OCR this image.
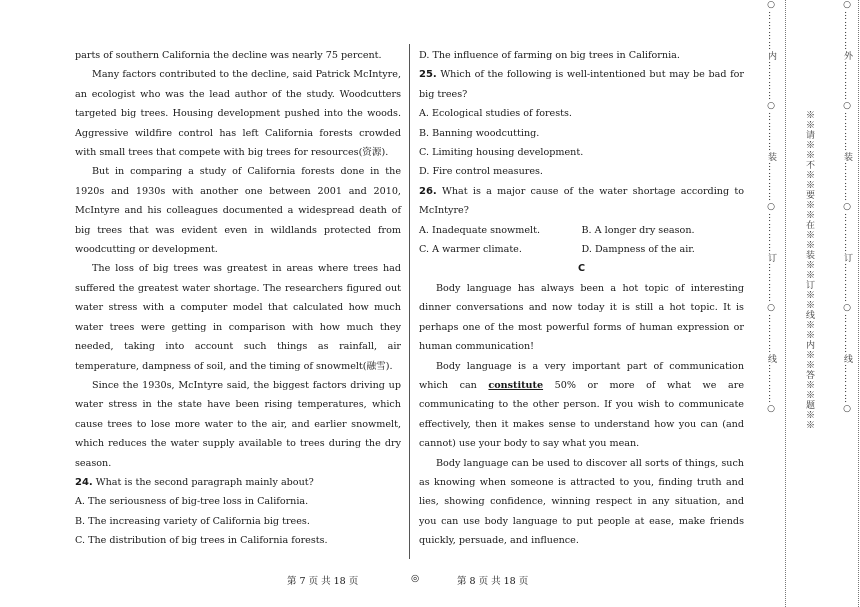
parts of southern California the decline was nearly 75 percent.

Many factors contributed to the decline, said Patrick McIntyre, an ecologist who was the lead author of the study. Woodcutters targeted big trees. Housing development pushed into the woods. Aggressive wildfire control has left California forests crowded with small trees that compete with big trees for resources(资源).

But in comparing a study of California forests done in the 1920s and 1930s with another one between 2001 and 2010, McIntyre and his colleagues documented a widespread death of big trees that was evident even in wildlands protected from woodcutting or development.

The loss of big trees was greatest in areas where trees had suffered the greatest water shortage. The researchers figured out water stress with a computer model that calculated how much water trees were getting in comparison with how much they needed, taking into account such things as rainfall, air temperature, dampness of soil, and the timing of snowmelt(融雪).

Since the 1930s, McIntyre said, the biggest factors driving up water stress in the state have been rising temperatures, which cause trees to lose more water to the air, and earlier snowmelt, which reduces the water supply available to trees during the dry season.

24. What is the second paragraph mainly about?

A. The seriousness of big-tree loss in California.

B. The increasing variety of California big trees.

C. The distribution of big trees in California forests.

D. The influence of farming on big trees in California.

25. Which of the following is well-intentioned but may be bad for big trees?

A. Ecological studies of forests.

B. Banning woodcutting.

C. Limiting housing development.

D. Fire control measures.

26. What is a major cause of the water shortage according to McIntyre?

A. Inadequate snowmelt.	B. A longer dry season.

C. A warmer climate.	D. Dampness of the air.

C

Body language has always been a hot topic of interesting dinner conversations and now today it is still a hot topic. It is perhaps one of the most powerful forms of human expression or human communication!

Body language is a very important part of communication which can constitute 50% or more of what we are communicating to the other person. If you wish to communicate effectively, then it makes sense to understand how you can (and cannot) use your body to say what you mean.

Body language can be used to discover all sorts of things, such as knowing when someone is attracted to you, finding truth and lies, showing confidence, winning respect in any situation, and you can use body language to put people at ease, make friends quickly, persuade, and influence.

第 7 页 共 18 页	◎	第 8 页 共 18 页
○…………内…………○…………装…………○…………订…………○…………线…………○	※※请※※不※※要※※在※※装※※订※※线※※内※※答※※题※※	○…………外…………○…………装…………○…………订…………○…………线…………○
